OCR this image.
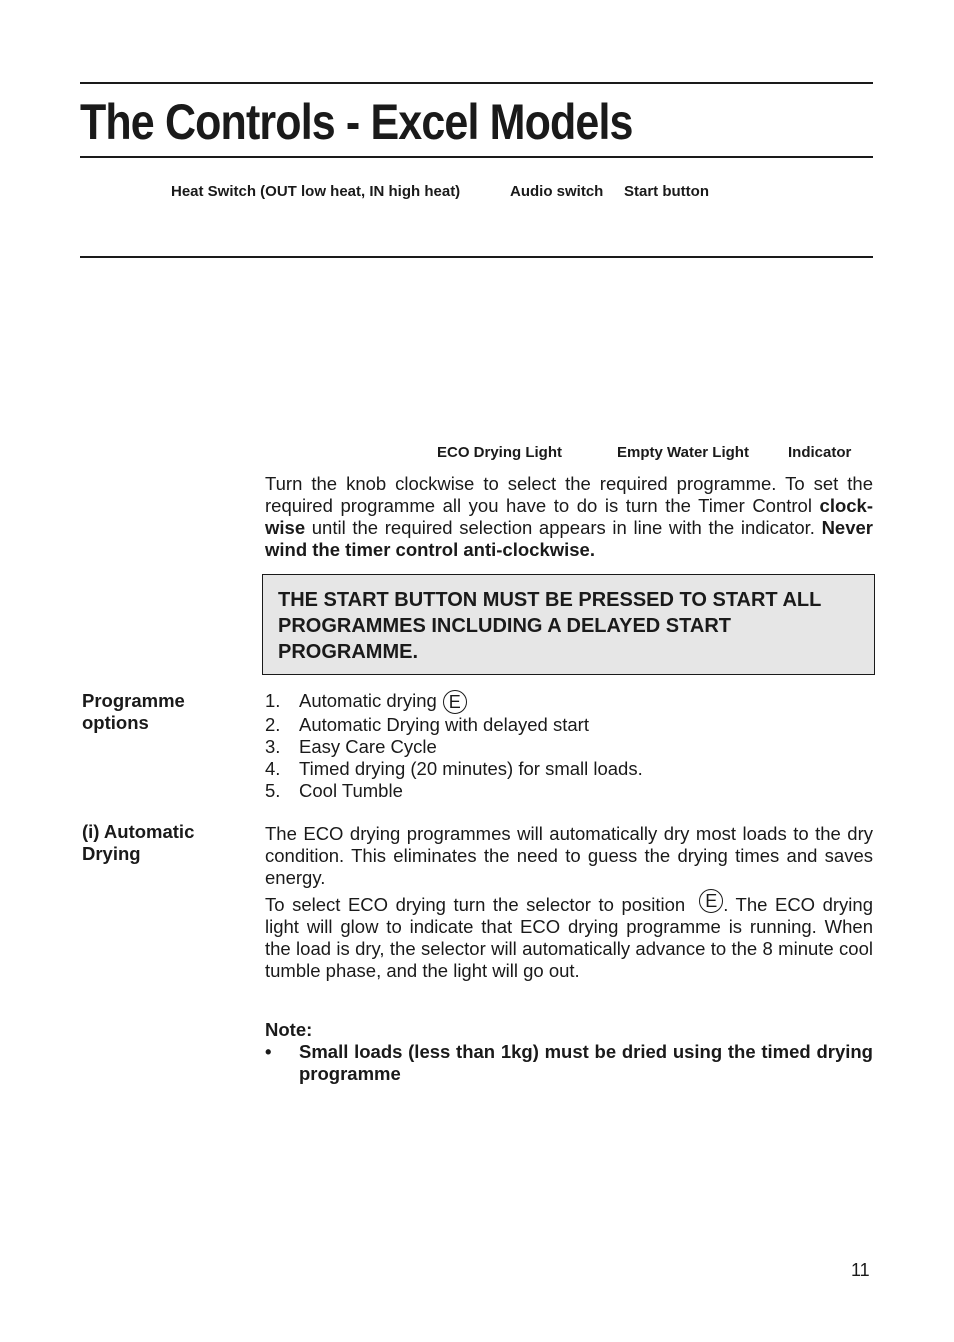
The Controls - Excel Models
Heat Switch (OUT low heat, IN high heat)	Audio switch Start button
ECO Drying Light	Empty Water Light	Indicator

Turn the knob clockwise to select the required programme. To set the required programme all you have to do is turn the Timer Control clock-wise until the required selection appears in line with the indicator. Never wind the timer control anti-clockwise.

THE START BUTTON MUST BE PRESSED TO START ALL PROGRAMMES INCLUDING A DELAYED START PROGRAMME.
Programme options
1.	Automatic drying E
2.	Automatic Drying with delayed start
3.	Easy Care Cycle
4.	Timed drying (20 minutes) for small loads.
5.	Cool Tumble
(i) Automatic Drying

The ECO drying programmes will automatically dry most loads to the dry condition. This eliminates the need to guess the drying times and saves energy.
To select ECO drying turn the selector to position E . The ECO drying light will glow to indicate that ECO drying programme is running. When the load is dry, the selector will automatically advance to the 8 minute cool tumble phase, and the light will go out.

Note:
•	Small loads (less than 1kg) must be dried using the timed drying programme
11
